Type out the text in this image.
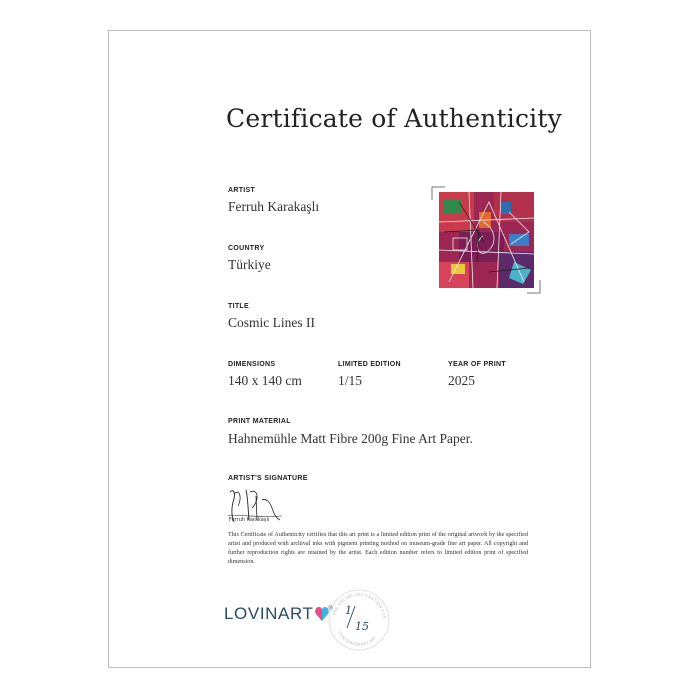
Certificate of Authenticity
ARTIST
Ferruh Karakaşlı
COUNTRY
Türkiye
TITLE
Cosmic Lines II
DIMENSIONS
140 x 140 cm
LIMITED EDITION
1/15
YEAR OF PRINT
2025
PRINT MATERIAL
Hahnemühle Matt Fibre 200g Fine Art Paper.
ARTIST'S SIGNATURE
Ferruh Karakaşlı
This Certificate of Authenticity certifies that this art print is a limited edition print of the original artwork by the specified artist and produced with archival inks with pigment printing method on museum-grade fine art paper. All copyright and further reproduction rights are retained by the artist. Each edition number refers to limited edition print of specified dimension.
LOVINART	®
THE ONLINE DESTINATION FOR
CONTEMPORARY ART
1
15
